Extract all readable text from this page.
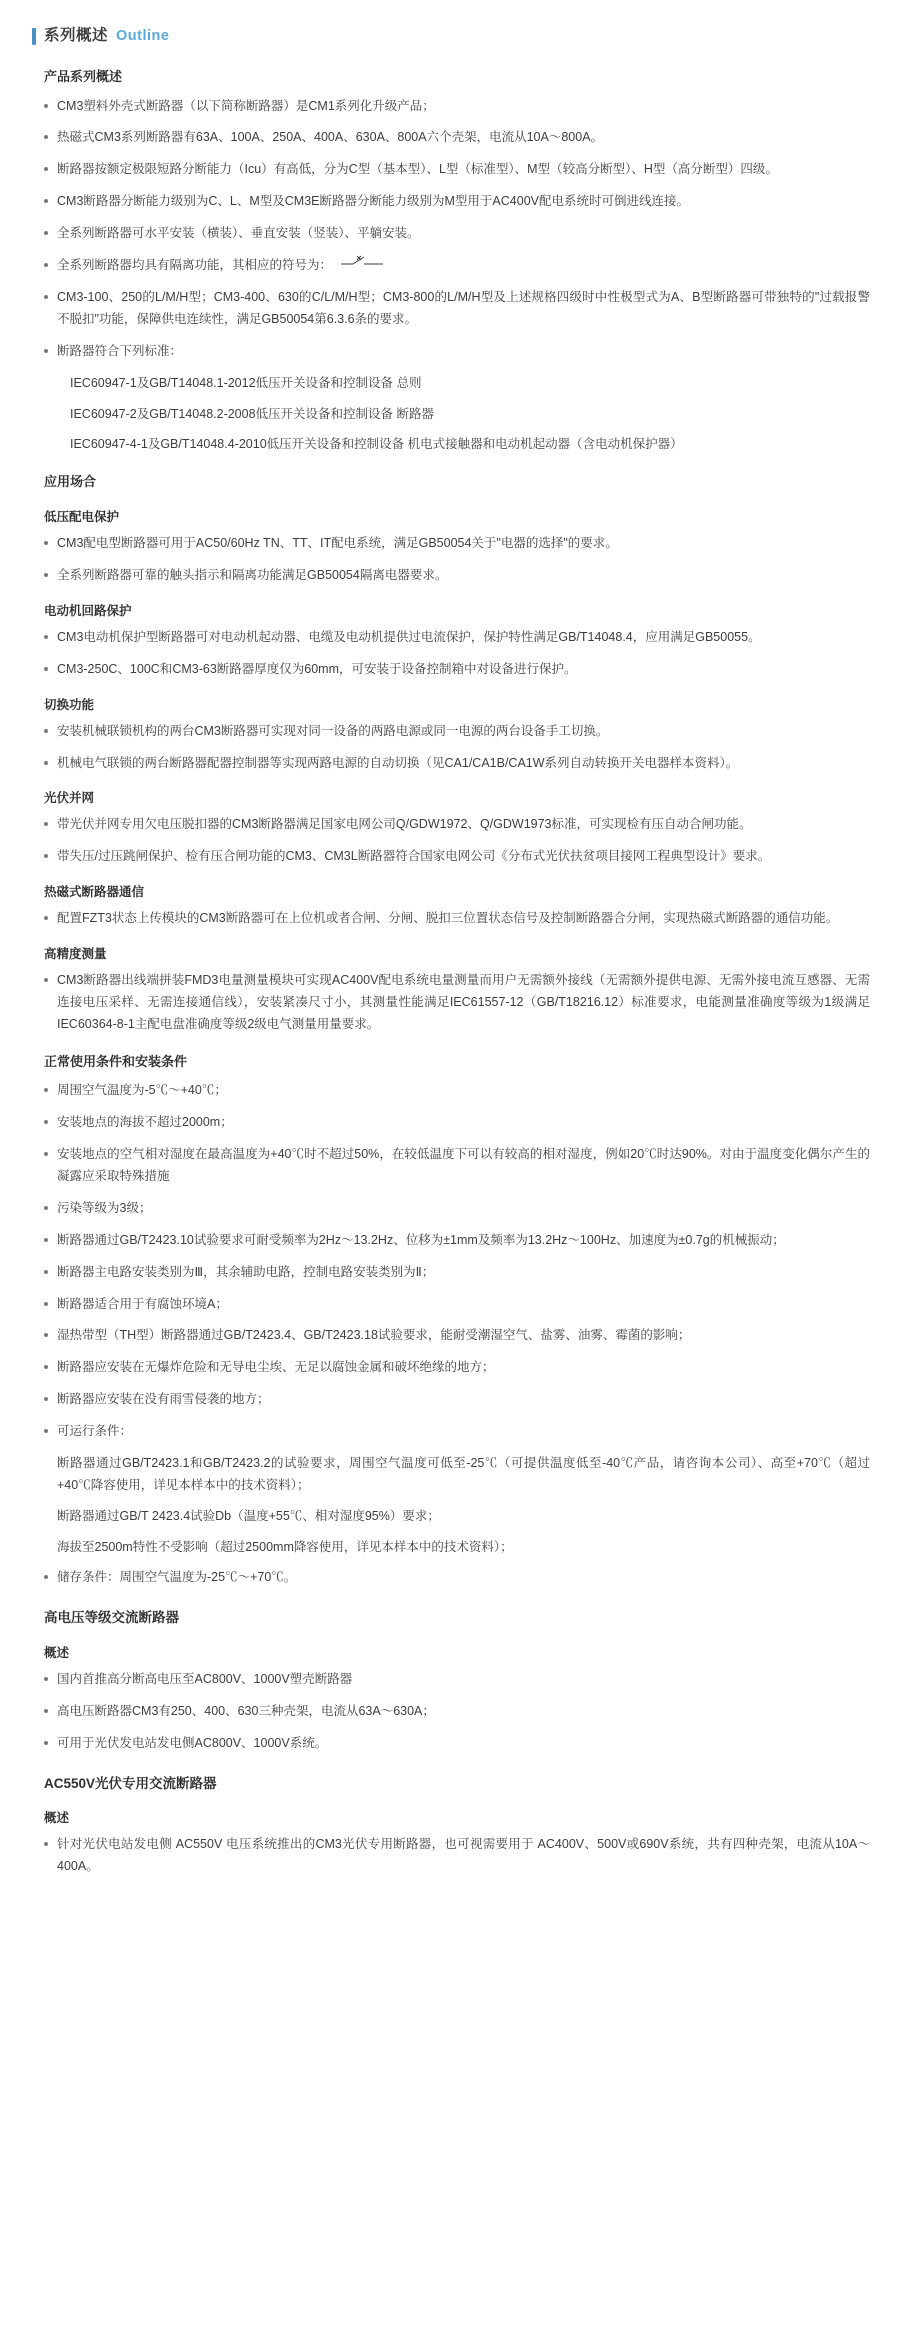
系列概述 Outline
产品系列概述

CM3塑料外壳式断路器（以下简称断路器）是CM1系列化升级产品；

热磁式CM3系列断路器有63A、100A、250A、400A、630A、800A六个壳架，电流从10A～800A。

断路器按额定极限短路分断能力（Icu）有高低，分为C型（基本型）、L型（标准型）、M型（较高分断型）、H型（高分断型）四级。

CM3断路器分断能力级别为C、L、M型及CM3E断路器分断能力级别为M型用于AC400V配电系统时可倒进线连接。

全系列断路器可水平安装（横装）、垂直安装（竖装）、平躺安装。

全系列断路器均具有隔离功能，其相应的符号为：

CM3-100、250的L/M/H型；CM3-400、630的C/L/M/H型；CM3-800的L/M/H型及上述规格四级时中性极型式为A、B型断路器可带独特的"过载报警不脱扣"功能，保障供电连续性，满足GB50054第6.3.6条的要求。

断路器符合下列标准：

IEC60947-1及GB/T14048.1-2012低压开关设备和控制设备 总则

IEC60947-2及GB/T14048.2-2008低压开关设备和控制设备 断路器

IEC60947-4-1及GB/T14048.4-2010低压开关设备和控制设备 机电式接触器和电动机起动器（含电动机保护器）

应用场合
低压配电保护

CM3配电型断路器可用于AC50/60Hz TN、TT、IT配电系统，满足GB50054关于"电器的选择"的要求。

全系列断路器可靠的触头指示和隔离功能满足GB50054隔离电器要求。

电动机回路保护

CM3电动机保护型断路器可对电动机起动器、电缆及电动机提供过电流保护，保护特性满足GB/T14048.4，应用满足GB50055。

CM3-250C、100C和CM3-63断路器厚度仅为60mm，可安装于设备控制箱中对设备进行保护。

切换功能

安装机械联锁机构的两台CM3断路器可实现对同一设备的两路电源或同一电源的两台设备手工切换。

机械电气联锁的两台断路器配器控制器等实现两路电源的自动切换（见CA1/CA1B/CA1W系列自动转换开关电器样本资料）。

光伏并网

带光伏并网专用欠电压脱扣器的CM3断路器满足国家电网公司Q/GDW1972、Q/GDW1973标准，可实现检有压自动合闸功能。

带失压/过压跳闸保护、检有压合闸功能的CM3、CM3L断路器符合国家电网公司《分布式光伏扶贫项目接网工程典型设计》要求。

热磁式断路器通信

配置FZT3状态上传模块的CM3断路器可在上位机或者合闸、分闸、脱扣三位置状态信号及控制断路器合分闸，实现热磁式断路器的通信功能。

高精度测量

CM3断路器出线端拼装FMD3电量测量模块可实现AC400V配电系统电量测量而用户无需额外接线（无需额外提供电源、无需外接电流互感器、无需连接电压采样、无需连接通信线），安装紧凑尺寸小，其测量性能满足IEC61557-12（GB/T18216.12）标准要求，电能测量准确度等级为1级满足IEC60364-8-1主配电盘准确度等级2级电气测量用量要求。

正常使用条件和安装条件

周围空气温度为-5℃～+40℃；

安装地点的海拔不超过2000m；

安装地点的空气相对湿度在最高温度为+40℃时不超过50%，在较低温度下可以有较高的相对湿度，例如20℃时达90%。对由于温度变化偶尔产生的凝露应采取特殊措施

污染等级为3级；

断路器通过GB/T2423.10试验要求可耐受频率为2Hz～13.2Hz、位移为±1mm及频率为13.2Hz～100Hz、加速度为±0.7g的机械振动；

断路器主电路安装类别为Ⅲ，其余辅助电路，控制电路安装类别为Ⅱ；

断路器适合用于有腐蚀环境A；

湿热带型（TH型）断路器通过GB/T2423.4、GB/T2423.18试验要求，能耐受潮湿空气、盐雾、油雾、霉菌的影响；

断路器应安装在无爆炸危险和无导电尘埃、无足以腐蚀金属和破坏绝缘的地方；

断路器应安装在没有雨雪侵袭的地方；

可运行条件：

断路器通过GB/T2423.1和GB/T2423.2的试验要求，周围空气温度可低至-25℃（可提供温度低至-40℃产品，请咨询本公司）、高至+70℃（超过+40℃降容使用，详见本样本中的技术资料）；

断路器通过GB/T 2423.4试验Db（温度+55℃、相对湿度95%）要求；

海拔至2500m特性不受影响（超过2500mm降容使用，详见本样本中的技术资料）；

储存条件：周围空气温度为-25℃～+70℃。

高电压等级交流断路器
概述

国内首推高分断高电压至AC800V、1000V塑壳断路器

高电压断路器CM3有250、400、630三种壳架，电流从63A～630A；

可用于光伏发电站发电侧AC800V、1000V系统。

AC550V光伏专用交流断路器
概述

针对光伏电站发电侧 AC550V 电压系统推出的CM3光伏专用断路器，也可视需要用于 AC400V、500V或690V系统，共有四种壳架，电流从10A～400A。
